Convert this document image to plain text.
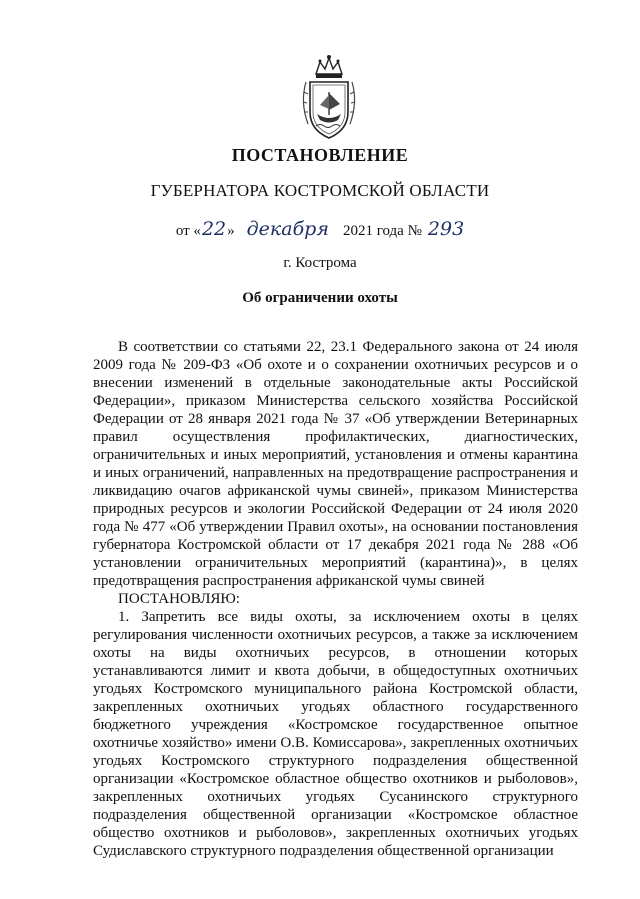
ПОСТАНОВЛЕНИЕ
ГУБЕРНАТОРА КОСТРОМСКОЙ ОБЛАСТИ
от «22» декабря 2021 года № 293
г. Кострома
Об ограничении охоты

В соответствии со статьями 22, 23.1 Федерального закона от 24 июля 2009 года № 209-ФЗ «Об охоте и о сохранении охотничьих ресурсов и о внесении изменений в отдельные законодательные акты Российской Федерации», приказом Министерства сельского хозяйства Российской Федерации от 28 января 2021 года № 37 «Об утверждении Ветеринарных правил осуществления профилактических, диагностических, ограничительных и иных мероприятий, установления и отмены карантина и иных ограничений, направленных на предотвращение распространения и ликвидацию очагов африканской чумы свиней», приказом Министерства природных ресурсов и экологии Российской Федерации от 24 июля 2020 года № 477 «Об утверждении Правил охоты», на основании постановления губернатора Костромской области от 17 декабря 2021 года № 288 «Об установлении ограничительных мероприятий (карантина)», в целях предотвращения распространения африканской чумы свиней

ПОСТАНОВЛЯЮ:

1. Запретить все виды охоты, за исключением охоты в целях регулирования численности охотничьих ресурсов, а также за исключением охоты на виды охотничьих ресурсов, в отношении которых устанавливаются лимит и квота добычи, в общедоступных охотничьих угодьях Костромского муниципального района Костромской области, закрепленных охотничьих угодьях областного государственного бюджетного учреждения «Костромское государственное опытное охотничье хозяйство» имени О.В. Комиссарова», закрепленных охотничьих угодьях Костромского структурного подразделения общественной организации «Костромское областное общество охотников и рыболовов», закрепленных охотничьих угодьях Сусанинского структурного подразделения общественной организации «Костромское областное общество охотников и рыболовов», закрепленных охотничьих угодьях Судиславского структурного подразделения общественной организации
